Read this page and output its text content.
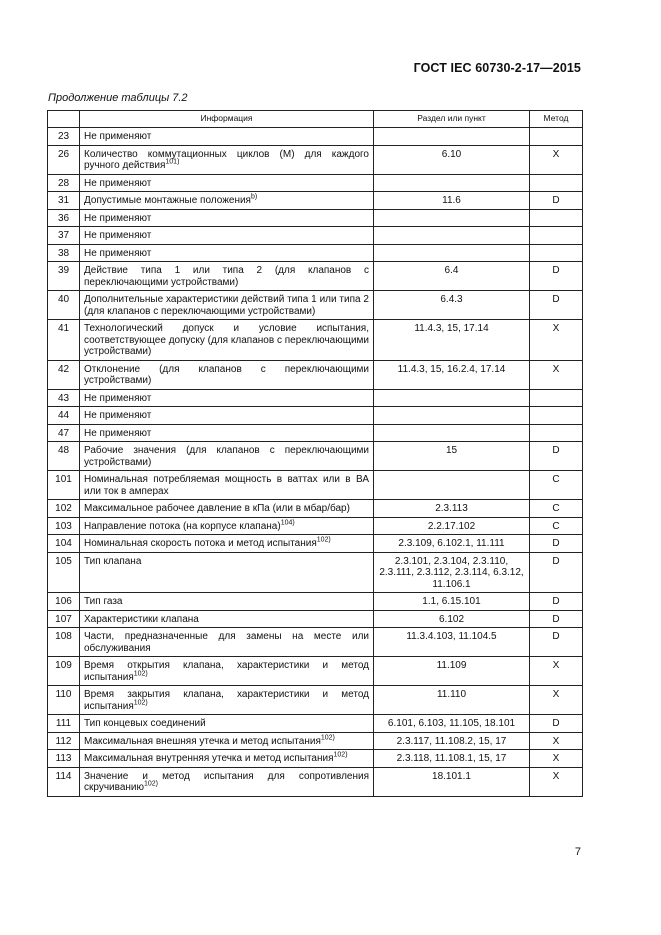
ГОСТ IEC 60730-2-17—2015
Продолжение таблицы 7.2
	Информация	Раздел или пункт	Метод
23	Не применяют		
26	Количество коммутационных циклов (М) для каждого ручного действия$^{101)}$	6.10	X
28	Не применяют		
31	Допустимые монтажные положения$^{b)}$	11.6	D
36	Не применяют		
37	Не применяют		
38	Не применяют		
39	Действие типа 1 или типа 2 (для клапанов с переключающими устройствами)	6.4	D
40	Дополнительные характеристики действий типа 1 или типа 2 (для клапанов с переключающими устройствами)	6.4.3	D
41	Технологический допуск и условие испытания, соответствующее допуску (для клапанов с переключающими устройствами)	11.4.3, 15, 17.14	X
42	Отклонение (для клапанов с переключающими устройствами)	11.4.3, 15, 16.2.4, 17.14	X
43	Не применяют		
44	Не применяют		
47	Не применяют		
48	Рабочие значения (для клапанов с переключающими устройствами)	15	D
101	Номинальная потребляемая мощность в ваттах или в ВА или ток в амперах		C
102	Максимальное рабочее давление в кПа (или в мбар/бар)	2.3.113	C
103	Направление потока (на корпусе клапана)$^{104)}$	2.2.17.102	C
104	Номинальная скорость потока и метод испытания$^{102)}$	2.3.109, 6.102.1, 11.111	D
105	Тип клапана	2.3.101, 2.3.104, 2.3.110, 2.3.111, 2.3.112, 2.3.114, 6.3.12, 11.106.1	D
106	Тип газа	1.1, 6.15.101	D
107	Характеристики клапана	6.102	D
108	Части, предназначенные для замены на месте или обслуживания	11.3.4.103, 11.104.5	D
109	Время открытия клапана, характеристики и метод испытания$^{102)}$	11.109	X
110	Время закрытия клапана, характеристики и метод испытания$^{102)}$	11.110	X
111	Тип концевых соединений	6.101, 6.103, 11.105, 18.101	D
112	Максимальная внешняя утечка и метод испытания$^{102)}$	2.3.117, 11.108.2, 15, 17	X
113	Максимальная внутренняя утечка и метод испытания$^{102)}$	2.3.118, 11.108.1, 15, 17	X
114	Значение и метод испытания для сопротивления скручиванию$^{102)}$	18.101.1	X
7
